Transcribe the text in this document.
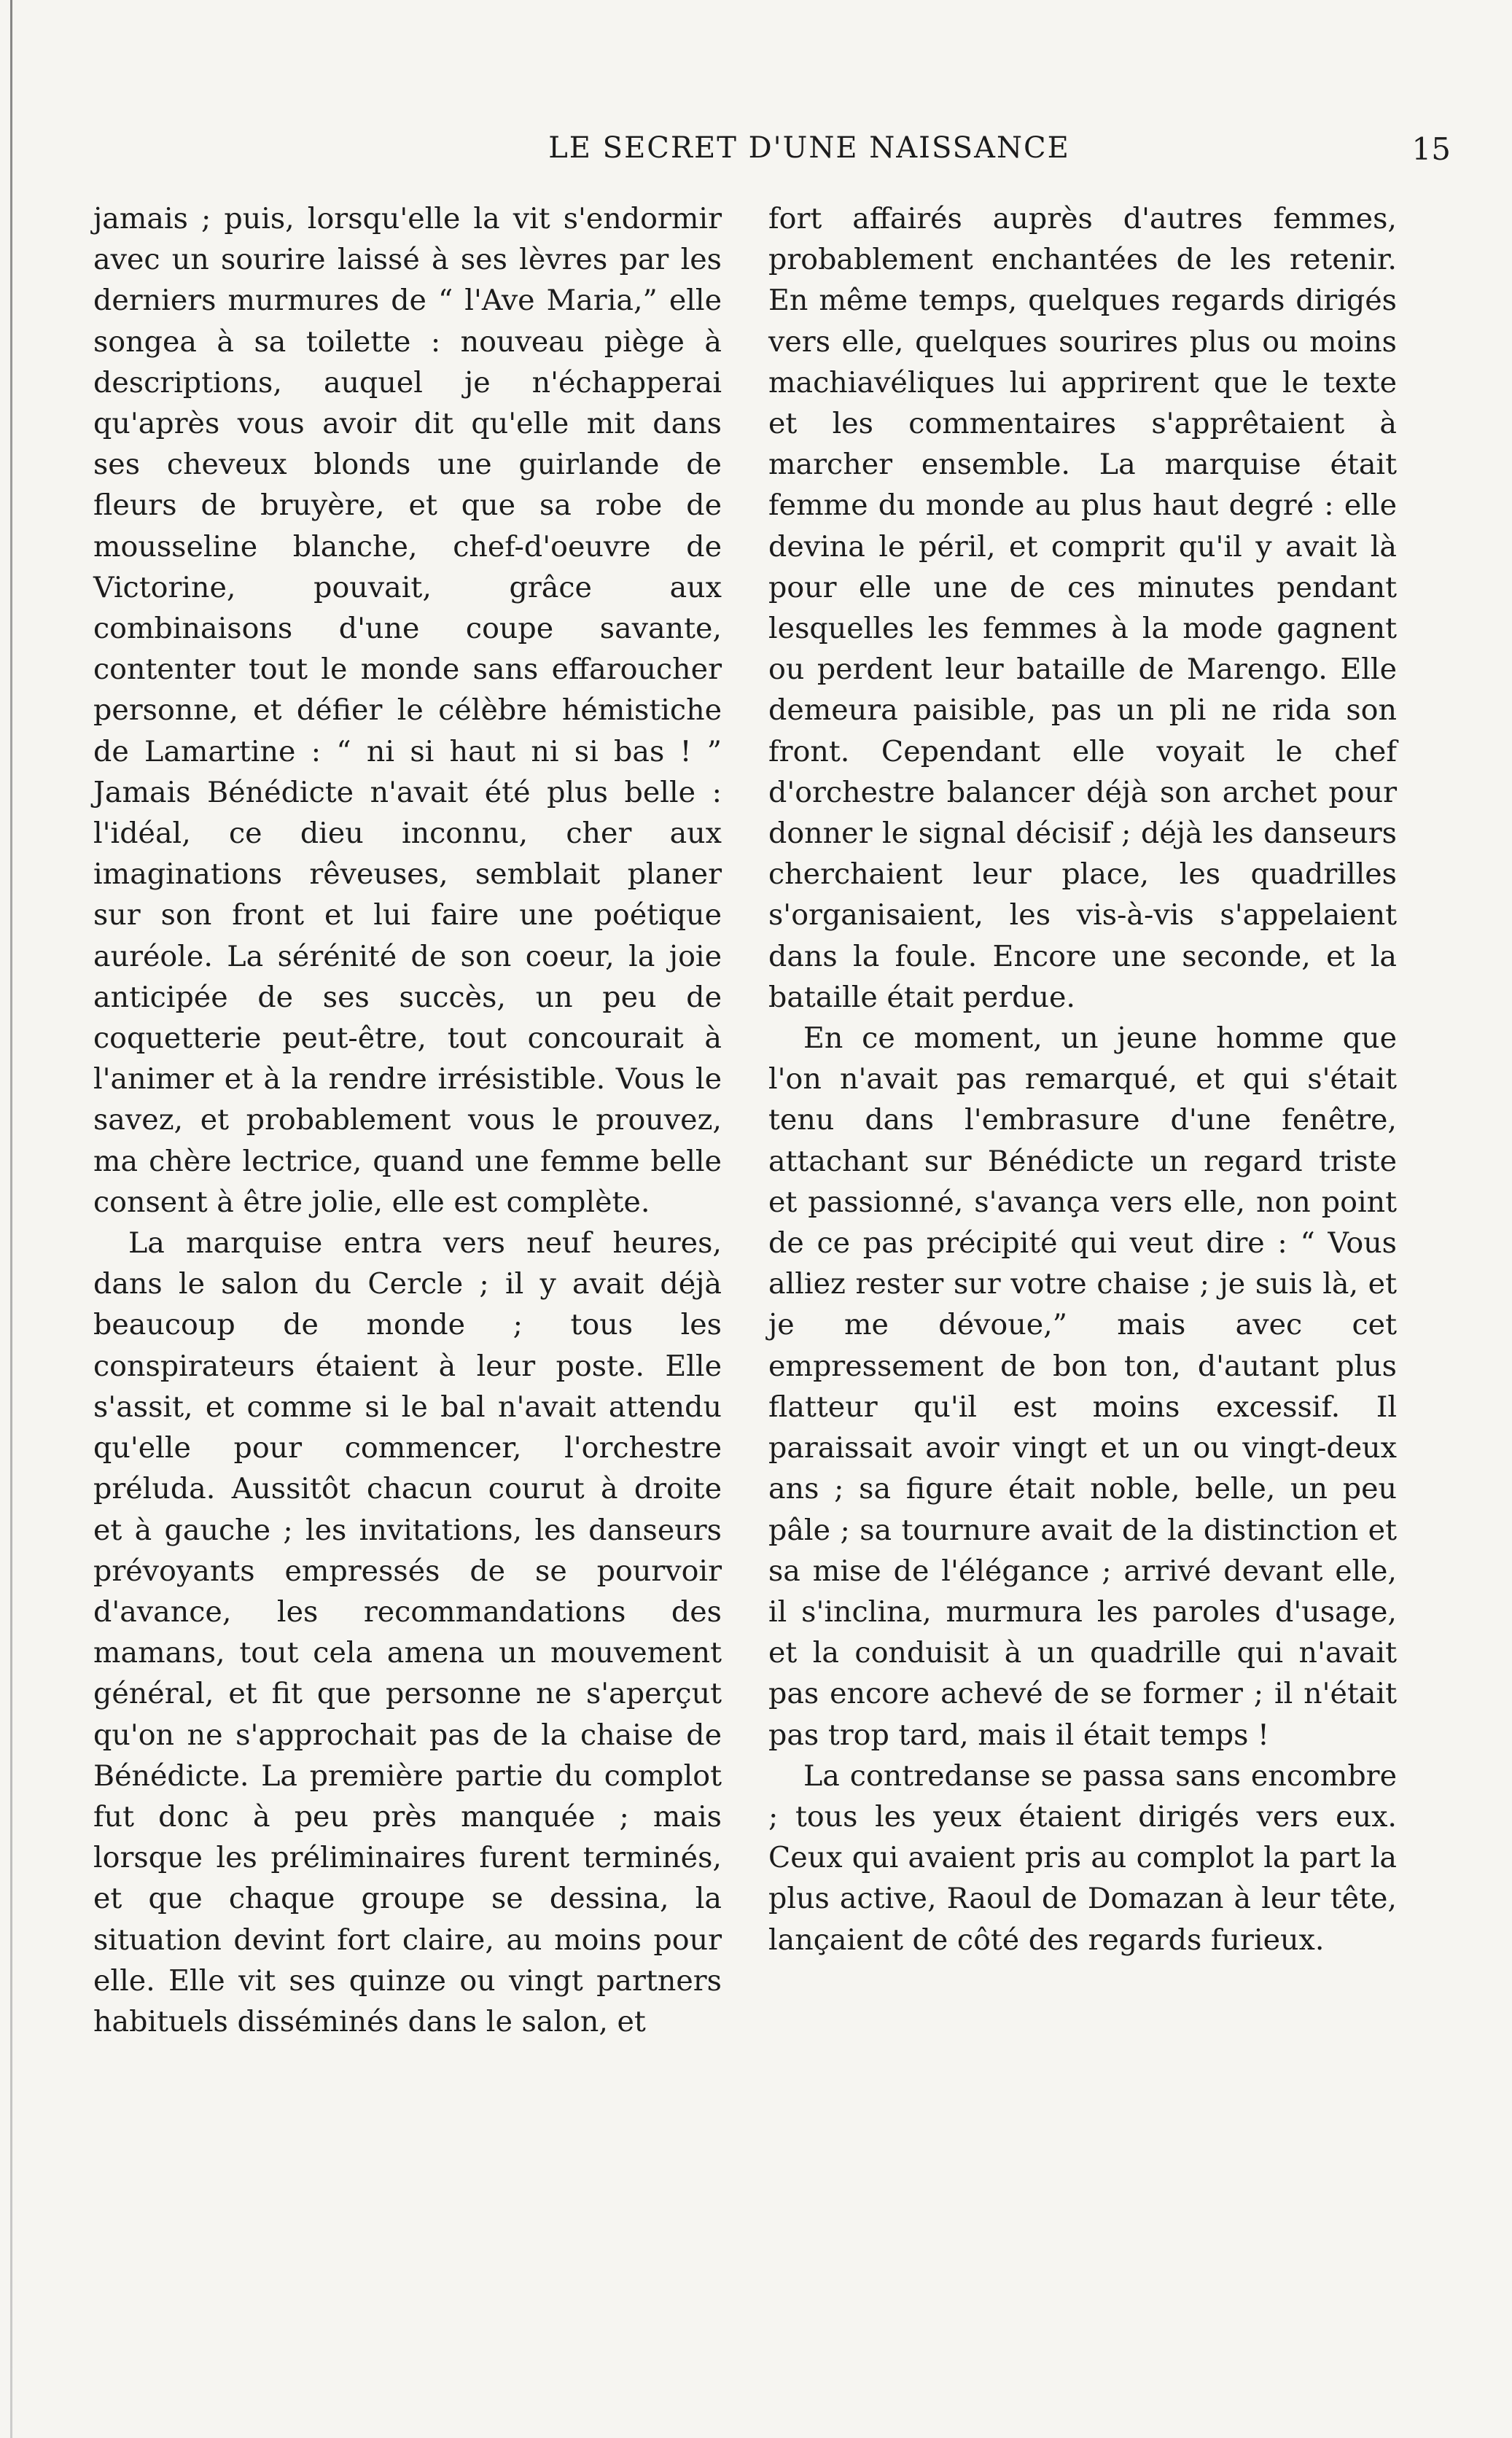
LE SECRET D'UNE NAISSANCE	15

jamais ; puis, lorsqu'elle la vit s'endormir avec un sourire laissé à ses lèvres par les derniers murmures de “ l'Ave Maria,” elle songea à sa toilette : nouveau piège à descriptions, auquel je n'échapperai qu'après vous avoir dit qu'elle mit dans ses cheveux blonds une guirlande de fleurs de bruyère, et que sa robe de mousseline blanche, chef-d'oeuvre de Victorine, pouvait, grâce aux combinaisons d'une coupe savante, contenter tout le monde sans effaroucher personne, et défier le célèbre hémistiche de Lamartine : “ ni si haut ni si bas ! ” Jamais Bénédicte n'avait été plus belle : l'idéal, ce dieu inconnu, cher aux imaginations rêveuses, semblait planer sur son front et lui faire une poétique auréole. La sérénité de son coeur, la joie anticipée de ses succès, un peu de coquetterie peut-être, tout concourait à l'animer et à la rendre irrésistible. Vous le savez, et probablement vous le prouvez, ma chère lectrice, quand une femme belle consent à être jolie, elle est complète.

La marquise entra vers neuf heures, dans le salon du Cercle ; il y avait déjà beaucoup de monde ; tous les conspirateurs étaient à leur poste. Elle s'assit, et comme si le bal n'avait attendu qu'elle pour commencer, l'orchestre préluda. Aussitôt chacun courut à droite et à gauche ; les invitations, les danseurs prévoyants empressés de se pourvoir d'avance, les recommandations des mamans, tout cela amena un mouvement général, et fit que personne ne s'aperçut qu'on ne s'approchait pas de la chaise de Bénédicte. La première partie du complot fut donc à peu près manquée ; mais lorsque les préliminaires furent terminés, et que chaque groupe se dessina, la situation devint fort claire, au moins pour elle. Elle vit ses quinze ou vingt partners habituels disséminés dans le salon, et

fort affairés auprès d'autres femmes, probablement enchantées de les retenir. En même temps, quelques regards dirigés vers elle, quelques sourires plus ou moins machiavéliques lui apprirent que le texte et les commentaires s'apprêtaient à marcher ensemble. La marquise était femme du monde au plus haut degré : elle devina le péril, et comprit qu'il y avait là pour elle une de ces minutes pendant lesquelles les femmes à la mode gagnent ou perdent leur bataille de Marengo. Elle demeura paisible, pas un pli ne rida son front. Cependant elle voyait le chef d'orchestre balancer déjà son archet pour donner le signal décisif ; déjà les danseurs cherchaient leur place, les quadrilles s'organisaient, les vis-à-vis s'appelaient dans la foule. Encore une seconde, et la bataille était perdue.

En ce moment, un jeune homme que l'on n'avait pas remarqué, et qui s'était tenu dans l'embrasure d'une fenêtre, attachant sur Bénédicte un regard triste et passionné, s'avança vers elle, non point de ce pas précipité qui veut dire : “ Vous alliez rester sur votre chaise ; je suis là, et je me dévoue,” mais avec cet empressement de bon ton, d'autant plus flatteur qu'il est moins excessif. Il paraissait avoir vingt et un ou vingt-deux ans ; sa figure était noble, belle, un peu pâle ; sa tournure avait de la distinction et sa mise de l'élégance ; arrivé devant elle, il s'inclina, murmura les paroles d'usage, et la conduisit à un quadrille qui n'avait pas encore achevé de se former ; il n'était pas trop tard, mais il était temps !

La contredanse se passa sans encombre ; tous les yeux étaient dirigés vers eux. Ceux qui avaient pris au complot la part la plus active, Raoul de Domazan à leur tête, lançaient de côté des regards furieux.
